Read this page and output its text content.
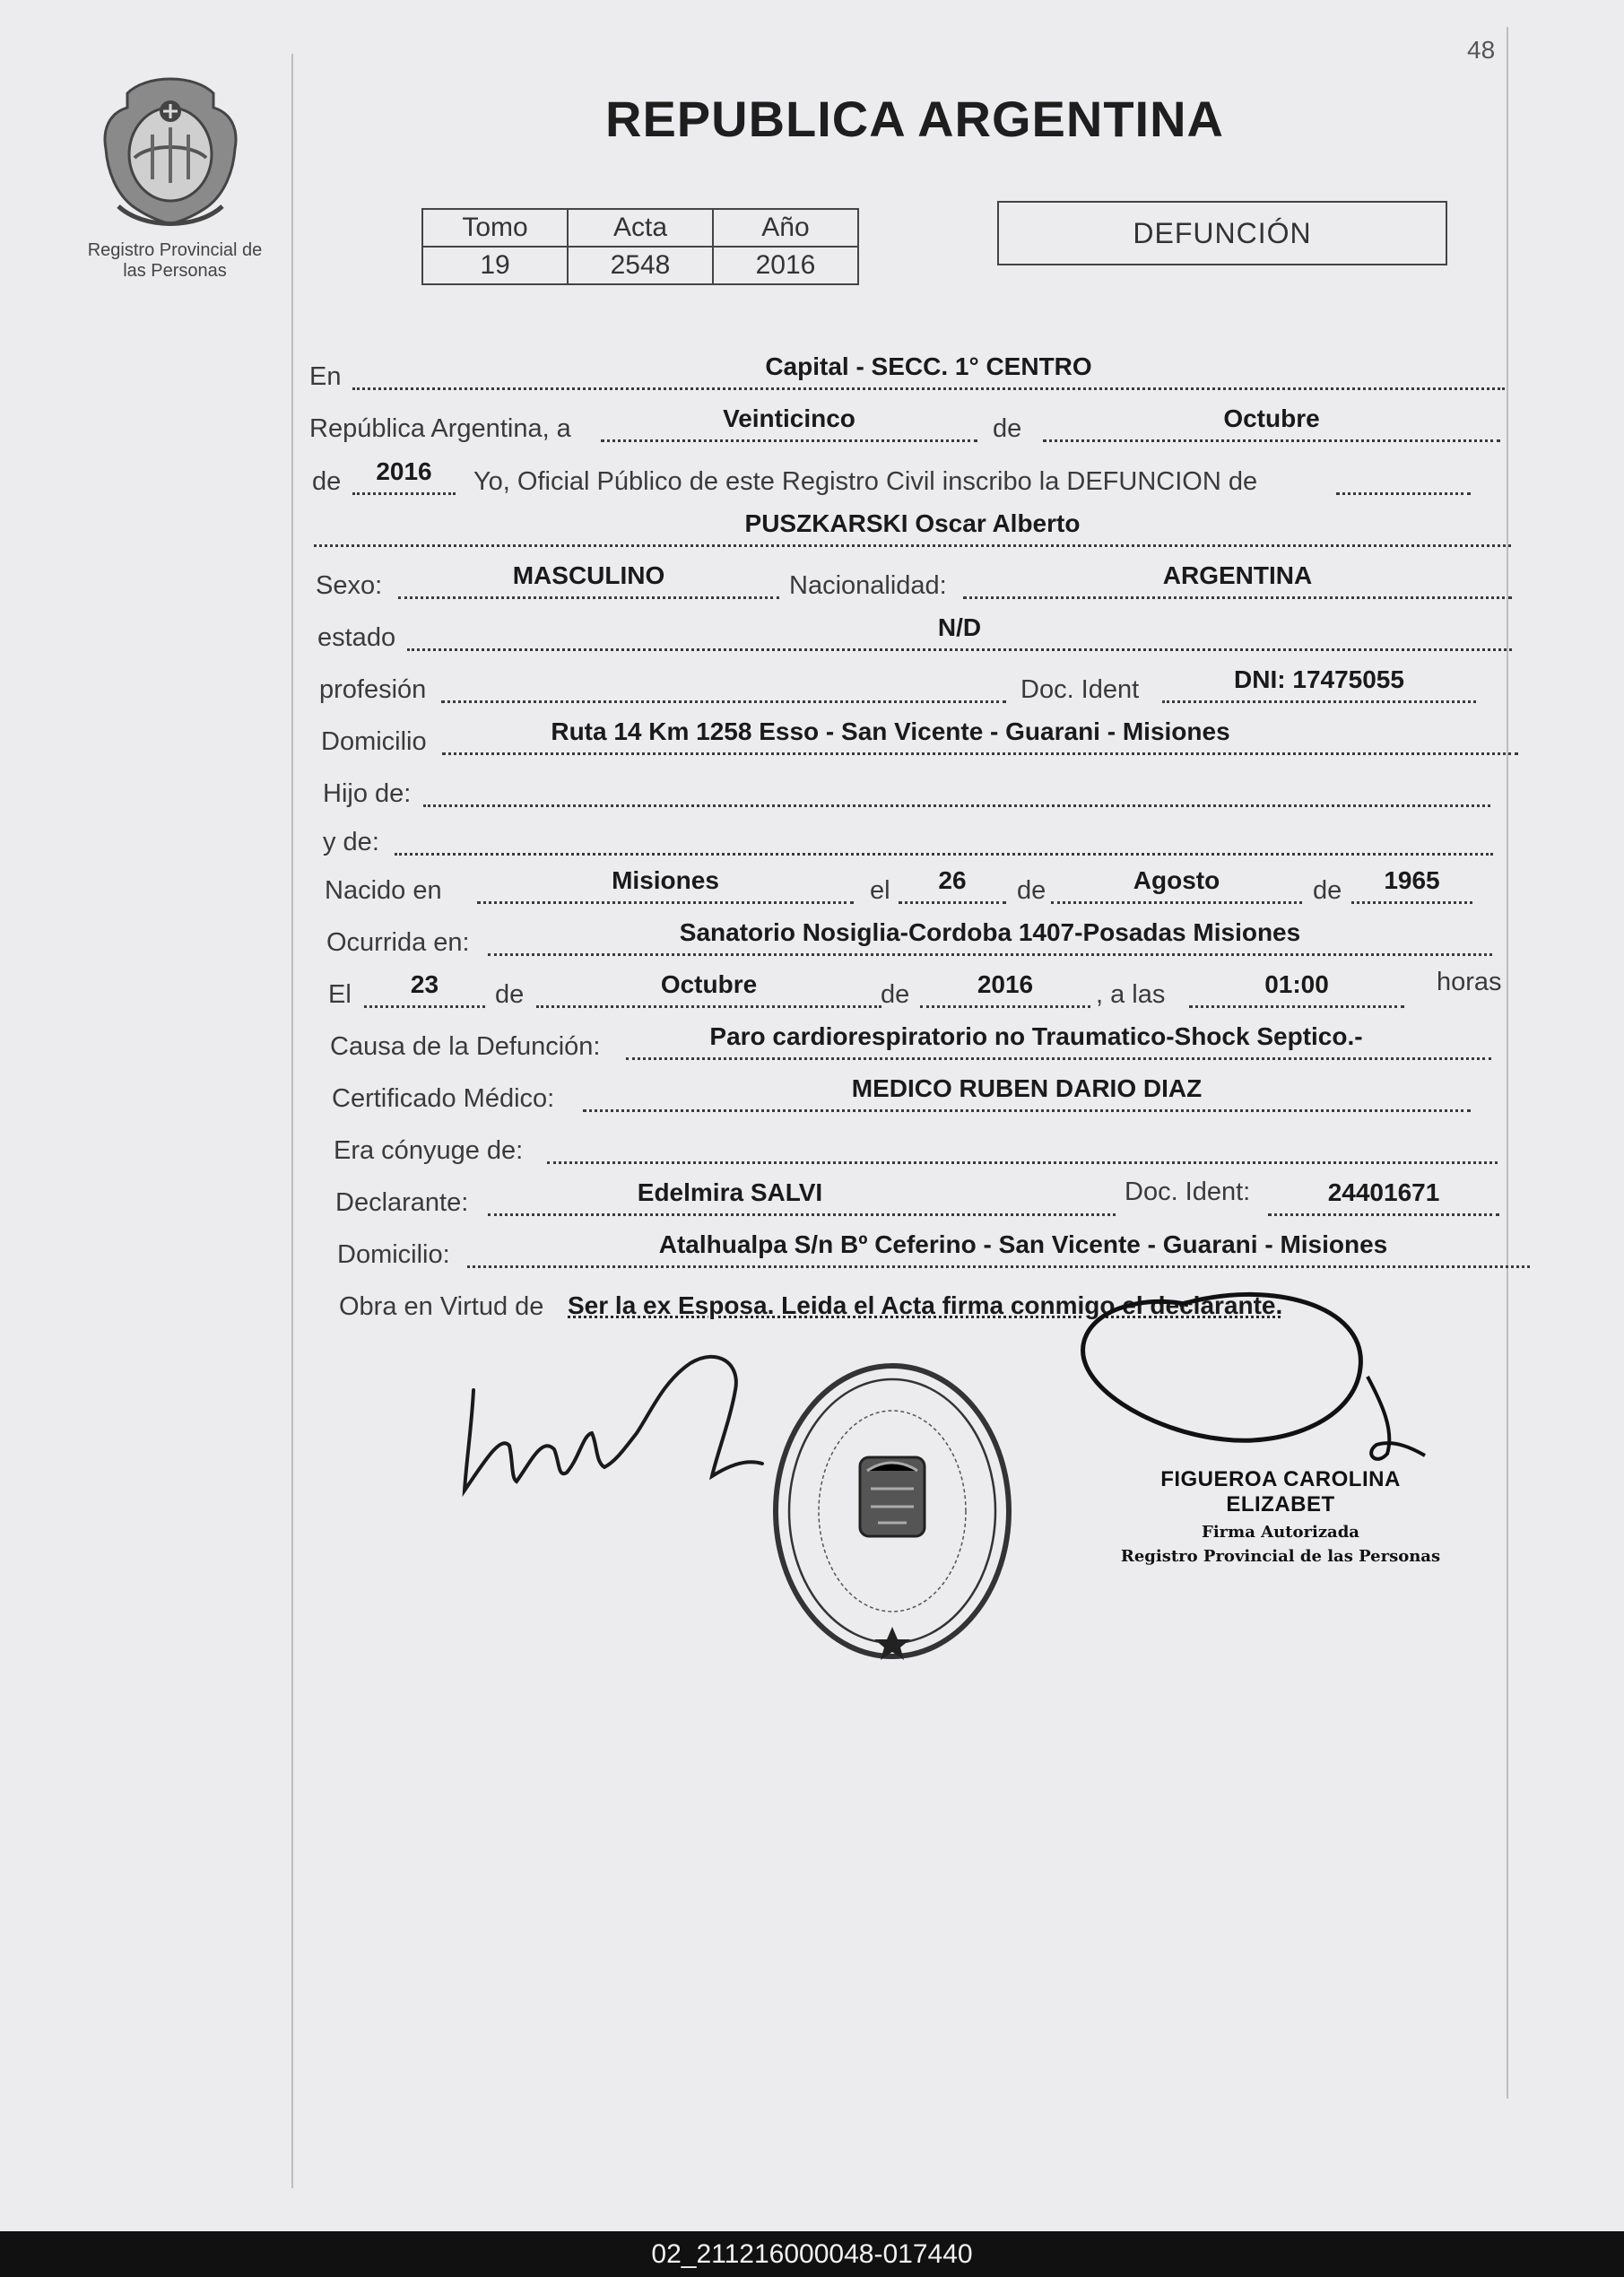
48
Registro Provincial de
las Personas
REPUBLICA ARGENTINA
Tomo	Acta	Año
19	2548	2016
DEFUNCIÓN
En	Capital - SECC. 1° CENTRO
República Argentina, a	Veinticinco	de	Octubre
de	2016	Yo, Oficial Público de este Registro Civil inscribo la DEFUNCION de
PUSZKARSKI Oscar Alberto
Sexo:	MASCULINO	Nacionalidad:	ARGENTINA
estado	N/D
profesión	Doc. Ident	DNI: 17475055
Domicilio	Ruta 14 Km 1258 Esso - San Vicente - Guarani - Misiones
Hijo de:
y de:
Nacido en	Misiones	el	26	de	Agosto	de	1965
Ocurrida en:	Sanatorio Nosiglia-Cordoba 1407-Posadas Misiones
El	23	de	Octubre	de	2016	, a las	01:00	horas
Causa de la Defunción:	Paro cardiorespiratorio no Traumatico-Shock Septico.-
Certificado Médico:	MEDICO RUBEN DARIO DIAZ
Era cónyuge de:
Declarante:	Edelmira SALVI	Doc. Ident:	24401671
Domicilio:	Atalhualpa S/n Bº Ceferino - San Vicente - Guarani - Misiones
Obra en Virtud de Ser la ex Esposa. Leida el Acta firma conmigo el declarante.
FIGUEROA CAROLINA ELIZABET
Firma Autorizada
Registro Provincial de las Personas
02_211216000048-017440
